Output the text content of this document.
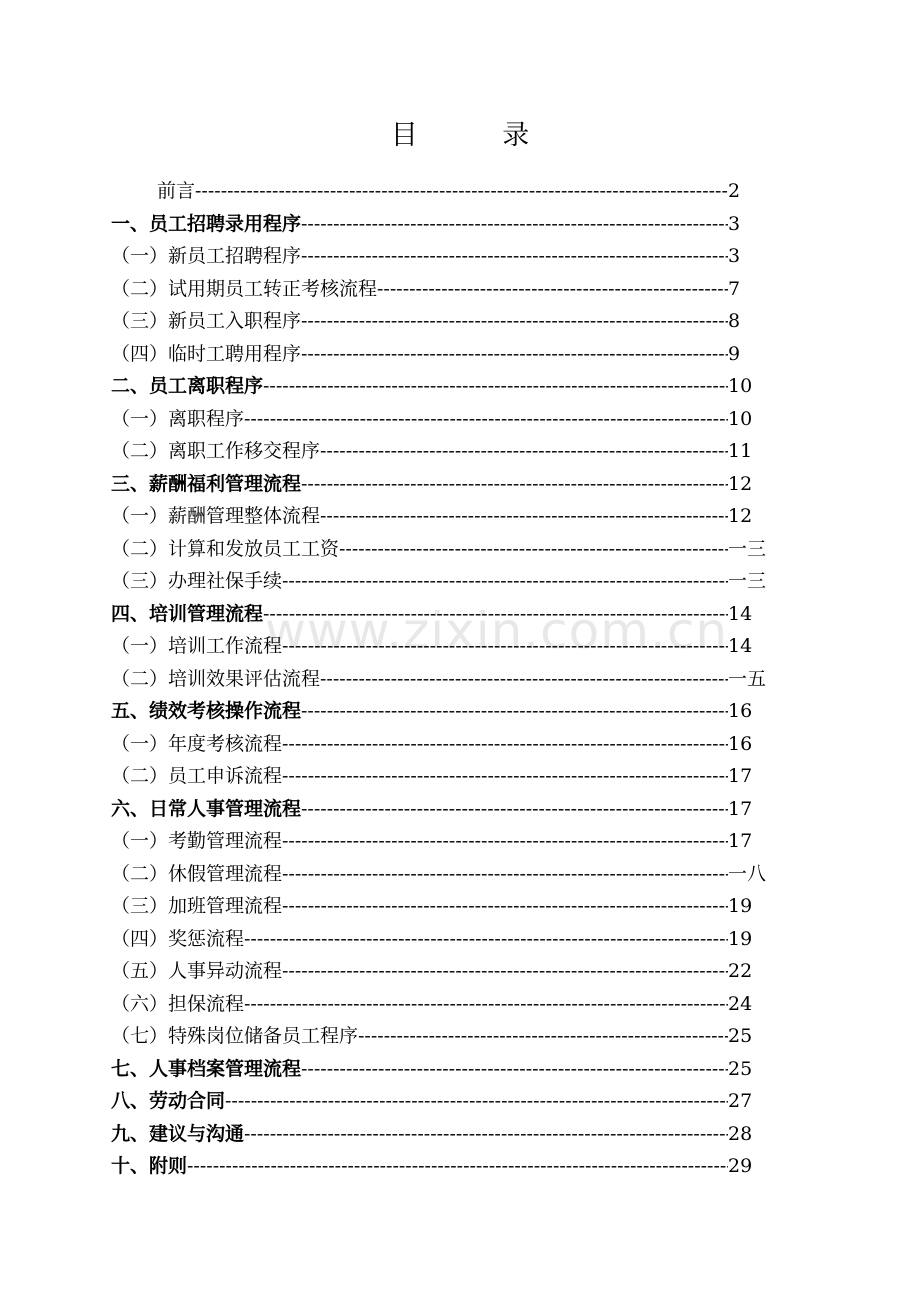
目 录
www.zixin.com.cn
前言 -----	2
一、员工招聘录用程序 -----	3
（一）新员工招聘程序 -----	3
（二）试用期员工转正考核流程 -----	7
（三）新员工入职程序 -----	8
（四）临时工聘用程序 -----	9
二、员工离职程序 -----	10
（一）离职程序 -----	10
（二）离职工作移交程序 -----	11
三、薪酬福利管理流程 -----	12
（一）薪酬管理整体流程 -----	12
（二）计算和发放员工工资 -----	一三
（三）办理社保手续 -----	一三
四、培训管理流程 -----	14
（一）培训工作流程 -----	14
（二）培训效果评估流程 -----	一五
五、绩效考核操作流程 -----	16
（一）年度考核流程 -----	16
（二）员工申诉流程 -----	17
六、日常人事管理流程 -----	17
（一）考勤管理流程 -----	17
（二）休假管理流程 -----	一八
（三）加班管理流程 -----	19
（四）奖惩流程 -----	19
（五）人事异动流程 -----	22
（六）担保流程 -----	24
（七）特殊岗位储备员工程序 -----	25
七、人事档案管理流程 -----	25
八、劳动合同 -----	27
九、建议与沟通 -----	28
十、附则 -----	29
